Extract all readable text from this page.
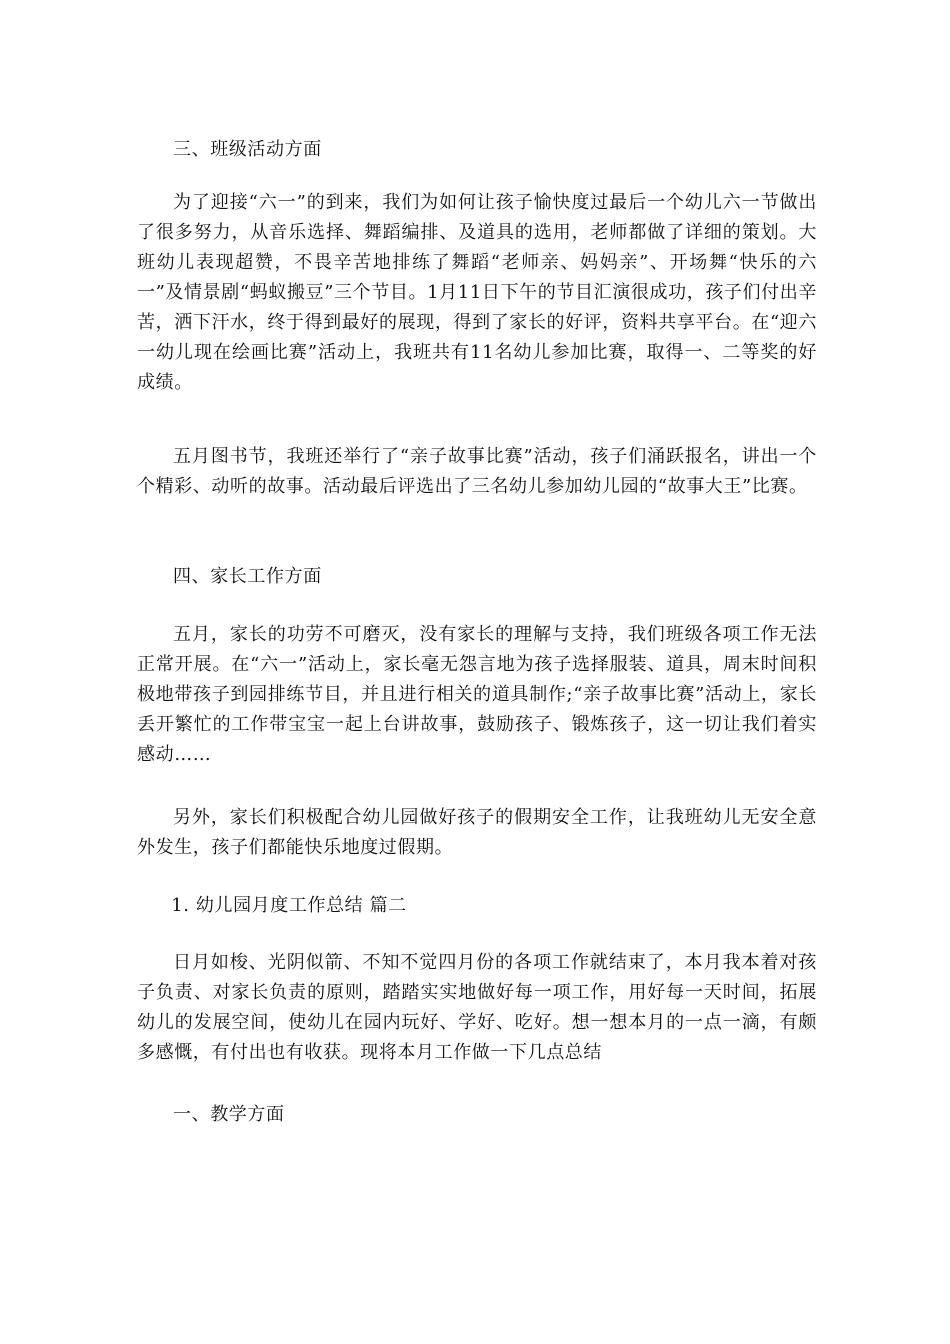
三、班级活动方面

为了迎接“六一”的到来，我们为如何让孩子愉快度过最后一个幼儿六一节做出了很多努力，从音乐选择、舞蹈编排、及道具的选用，老师都做了详细的策划。大班幼儿表现超赞，不畏辛苦地排练了舞蹈“老师亲、妈妈亲”、开场舞“快乐的六一”及情景剧“蚂蚁搬豆”三个节目。1月11日下午的节目汇演很成功，孩子们付出辛苦，洒下汗水，终于得到最好的展现，得到了家长的好评，资料共享平台。在“迎六一幼儿现在绘画比赛”活动上，我班共有11名幼儿参加比赛，取得一、二等奖的好成绩。

五月图书节，我班还举行了“亲子故事比赛”活动，孩子们涌跃报名，讲出一个个精彩、动听的故事。活动最后评选出了三名幼儿参加幼儿园的“故事大王”比赛。

四、家长工作方面

五月，家长的功劳不可磨灭，没有家长的理解与支持，我们班级各项工作无法正常开展。在“六一”活动上，家长毫无怨言地为孩子选择服装、道具，周末时间积极地带孩子到园排练节目，并且进行相关的道具制作;“亲子故事比赛”活动上，家长丢开繁忙的工作带宝宝一起上台讲故事，鼓励孩子、锻炼孩子，这一切让我们着实感动……

另外，家长们积极配合幼儿园做好孩子的假期安全工作，让我班幼儿无安全意外发生，孩子们都能快乐地度过假期。

1. 幼儿园月度工作总结 篇二

日月如梭、光阴似箭、不知不觉四月份的各项工作就结束了，本月我本着对孩子负责、对家长负责的原则，踏踏实实地做好每一项工作，用好每一天时间，拓展幼儿的发展空间，使幼儿在园内玩好、学好、吃好。想一想本月的一点一滴，有颇多感慨，有付出也有收获。现将本月工作做一下几点总结

一、教学方面
